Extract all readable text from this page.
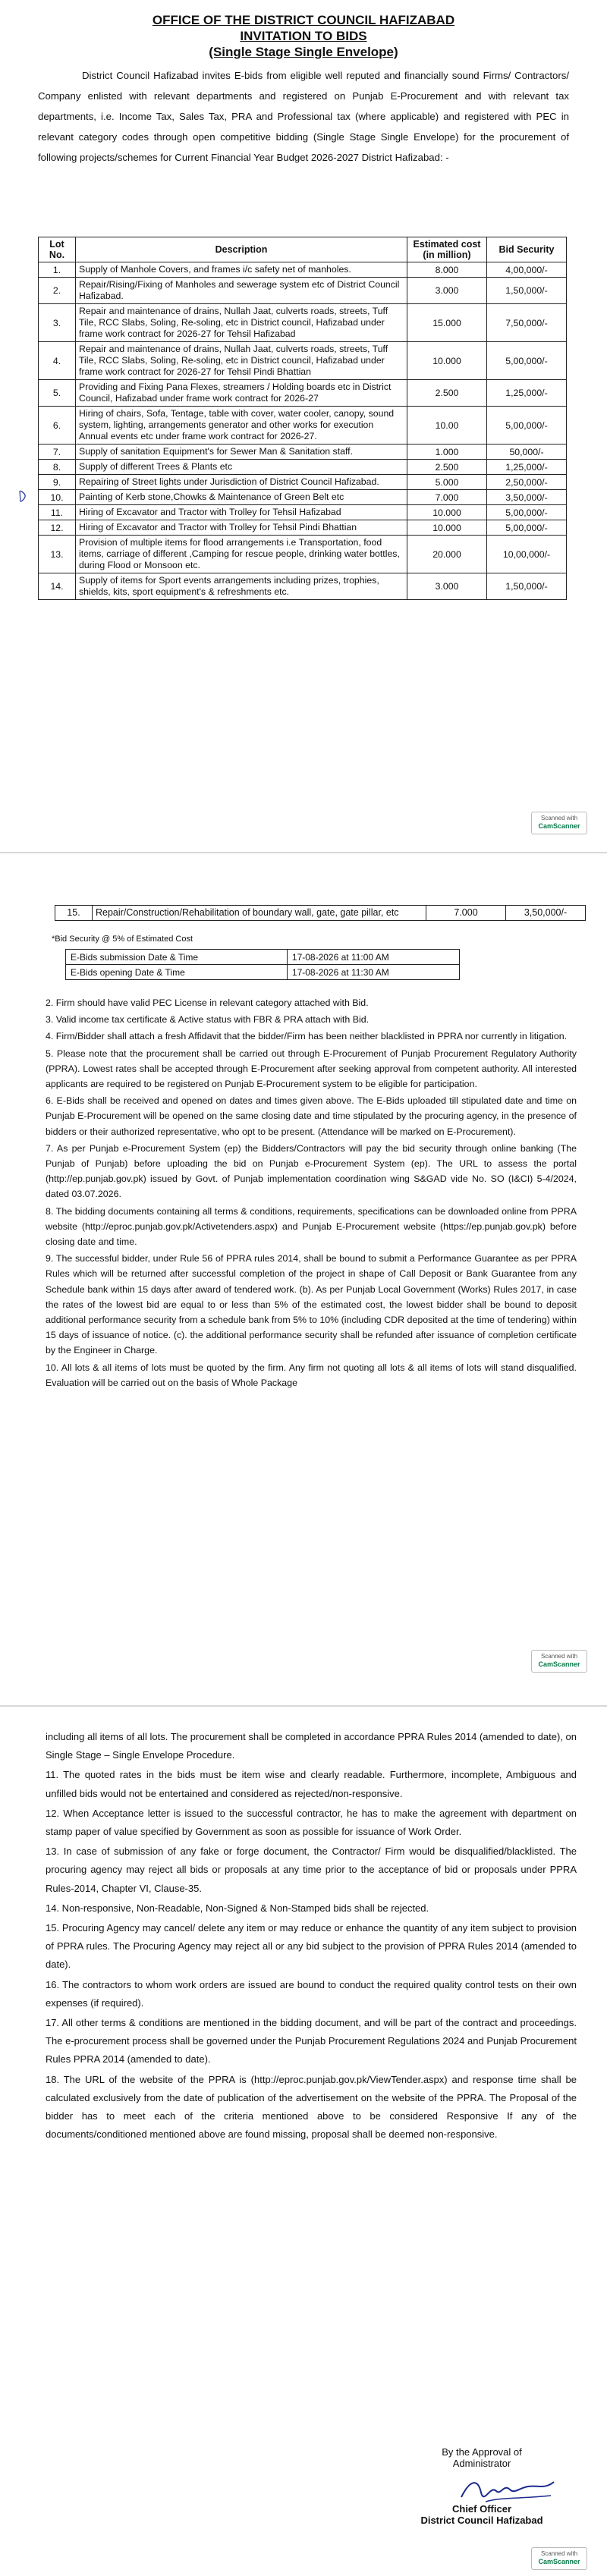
OFFICE OF THE DISTRICT COUNCIL HAFIZABAD
INVITATION TO BIDS
(Single Stage Single Envelope)
District Council Hafizabad invites E-bids from eligible well reputed and financially sound Firms/ Contractors/ Company enlisted with relevant departments and registered on Punjab E-Procurement and with relevant tax departments, i.e. Income Tax, Sales Tax, PRA and Professional tax (where applicable) and registered with PEC in relevant category codes through open competitive bidding (Single Stage Single Envelope) for the procurement of following projects/schemes for Current Financial Year Budget 2026-2027 District Hafizabad: -
Lot No.	Description	Estimated cost (in million)	Bid Security
1.	Supply of Manhole Covers, and frames i/c safety net of manholes.	8.000	4,00,000/-
2.	Repair/Rising/Fixing of Manholes and sewerage system etc of District Council Hafizabad.	3.000	1,50,000/-
3.	Repair and maintenance of drains, Nullah Jaat, culverts roads, streets, Tuff Tile, RCC Slabs, Soling, Re-soling, etc in District council, Hafizabad under frame work contract for 2026-27 for Tehsil Hafizabad	15.000	7,50,000/-
4.	Repair and maintenance of drains, Nullah Jaat, culverts roads, streets, Tuff Tile, RCC Slabs, Soling, Re-soling, etc in District council, Hafizabad under frame work contract for 2026-27 for Tehsil Pindi Bhattian	10.000	5,00,000/-
5.	Providing and Fixing Pana Flexes, streamers / Holding boards etc in District Council, Hafizabad under frame work contract for 2026-27	2.500	1,25,000/-
6.	Hiring of chairs, Sofa, Tentage, table with cover, water cooler, canopy, sound system, lighting, arrangements generator and other works for execution Annual events etc under frame work contract for 2026-27.	10.00	5,00,000/-
7.	Supply of sanitation Equipment's for Sewer Man & Sanitation staff.	1.000	50,000/-
8.	Supply of different Trees & Plants etc	2.500	1,25,000/-
9.	Repairing of Street lights under Jurisdiction of District Council Hafizabad.	5.000	2,50,000/-
10.	Painting of Kerb stone,Chowks & Maintenance of Green Belt etc	7.000	3,50,000/-
11.	Hiring of Excavator and Tractor with Trolley for Tehsil Hafizabad	10.000	5,00,000/-
12.	Hiring of Excavator and Tractor with Trolley for Tehsil Pindi Bhattian	10.000	5,00,000/-
13.	Provision of multiple items for flood arrangements i.e Transportation, food items, carriage of different ,Camping for rescue people, drinking water bottles, during Flood or Monsoon etc.	20.000	10,00,000/-
14.	Supply of items for Sport events arrangements including prizes, trophies, shields, kits, sport equipment's & refreshments etc.	3.000	1,50,000/-
Scanned with
CamScanner
Scanned with
CamScanner
15.	Repair/Construction/Rehabilitation of boundary wall, gate, gate pillar, etc	7.000	3,50,000/-
*Bid Security @ 5% of Estimated Cost
E-Bids submission Date & Time	17-08-2026 at 11:00 AM
E-Bids opening Date & Time	17-08-2026 at 11:30 AM

2. Firm should have valid PEC License in relevant category attached with Bid.

3. Valid income tax certificate & Active status with FBR & PRA attach with Bid.

4. Firm/Bidder shall attach a fresh Affidavit that the bidder/Firm has been neither blacklisted in PPRA nor currently in litigation.

5. Please note that the procurement shall be carried out through E-Procurement of Punjab Procurement Regulatory Authority (PPRA). Lowest rates shall be accepted through E-Procurement after seeking approval from competent authority. All interested applicants are required to be registered on Punjab E-Procurement system to be eligible for participation.

6. E-Bids shall be received and opened on dates and times given above. The E-Bids uploaded till stipulated date and time on Punjab E-Procurement will be opened on the same closing date and time stipulated by the procuring agency, in the presence of bidders or their authorized representative, who opt to be present. (Attendance will be marked on E-Procurement).

7. As per Punjab e-Procurement System (ep) the Bidders/Contractors will pay the bid security through online banking (The Punjab of Punjab) before uploading the bid on Punjab e-Procurement System (ep). The URL to assess the portal (http://ep.punjab.gov.pk) issued by Govt. of Punjab implementation coordination wing S&GAD vide No. SO (I&CI) 5-4/2024, dated 03.07.2026.

8. The bidding documents containing all terms & conditions, requirements, specifications can be downloaded online from PPRA website (http://eproc.punjab.gov.pk/Activetenders.aspx) and Punjab E-Procurement website (https://ep.punjab.gov.pk) before closing date and time.

9. The successful bidder, under Rule 56 of PPRA rules 2014, shall be bound to submit a Performance Guarantee as per PPRA Rules which will be returned after successful completion of the project in shape of Call Deposit or Bank Guarantee from any Schedule bank within 15 days after award of tendered work. (b). As per Punjab Local Government (Works) Rules 2017, in case the rates of the lowest bid are equal to or less than 5% of the estimated cost, the lowest bidder shall be bound to deposit additional performance security from a schedule bank from 5% to 10% (including CDR deposited at the time of tendering) within 15 days of issuance of notice. (c). the additional performance security shall be refunded after issuance of completion certificate by the Engineer in Charge.

10. All lots & all items of lots must be quoted by the firm. Any firm not quoting all lots & all items of lots will stand disqualified. Evaluation will be carried out on the basis of Whole Package

Scanned with
CamScanner

including all items of all lots. The procurement shall be completed in accordance PPRA Rules 2014 (amended to date), on Single Stage – Single Envelope Procedure.

11. The quoted rates in the bids must be item wise and clearly readable. Furthermore, incomplete, Ambiguous and unfilled bids would not be entertained and considered as rejected/non-responsive.

12. When Acceptance letter is issued to the successful contractor, he has to make the agreement with department on stamp paper of value specified by Government as soon as possible for issuance of Work Order.

13. In case of submission of any fake or forge document, the Contractor/ Firm would be disqualified/blacklisted. The procuring agency may reject all bids or proposals at any time prior to the acceptance of bid or proposals under PPRA Rules-2014, Chapter VI, Clause-35.

14. Non-responsive, Non-Readable, Non-Signed & Non-Stamped bids shall be rejected.

15. Procuring Agency may cancel/ delete any item or may reduce or enhance the quantity of any item subject to provision of PPRA rules. The Procuring Agency may reject all or any bid subject to the provision of PPRA Rules 2014 (amended to date).

16. The contractors to whom work orders are issued are bound to conduct the required quality control tests on their own expenses (if required).

17. All other terms & conditions are mentioned in the bidding document, and will be part of the contract and proceedings. The e-procurement process shall be governed under the Punjab Procurement Regulations 2024 and Punjab Procurement Rules PPRA 2014 (amended to date).

18. The URL of the website of the PPRA is (http://eproc.punjab.gov.pk/ViewTender.aspx) and response time shall be calculated exclusively from the date of publication of the advertisement on the website of the PPRA. The Proposal of the bidder has to meet each of the criteria mentioned above to be considered Responsive If any of the documents/conditioned mentioned above are found missing, proposal shall be deemed non-responsive.

By the Approval of
Administrator
Chief Officer
District Council Hafizabad
